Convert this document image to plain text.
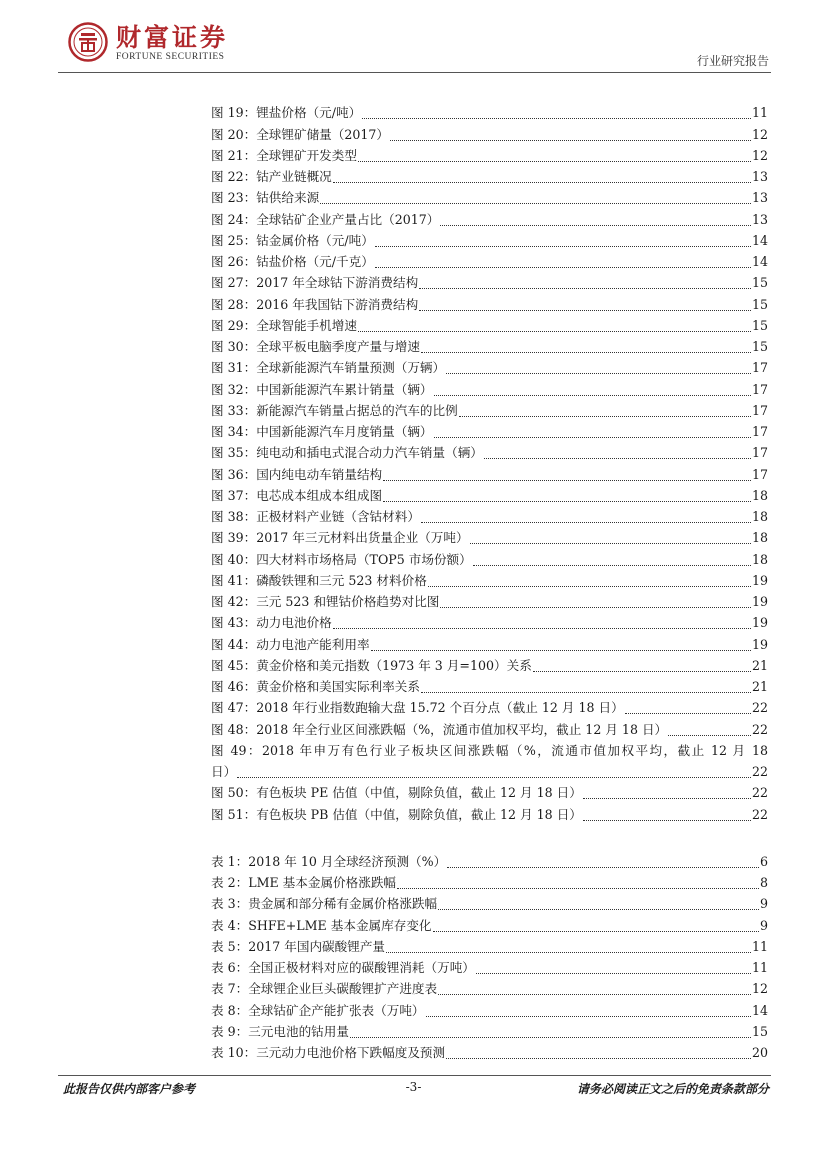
财富证券
FORTUNE SECURITIES	行业研究报告
图 19：锂盐价格（元/吨）	11
图 20：全球锂矿储量（2017）	12
图 21：全球锂矿开发类型	12
图 22：钴产业链概况	13
图 23：钴供给来源	13
图 24：全球钴矿企业产量占比（2017）	13
图 25：钴金属价格（元/吨）	14
图 26：钴盐价格（元/千克）	14
图 27：2017 年全球钴下游消费结构	15
图 28：2016 年我国钴下游消费结构	15
图 29：全球智能手机增速	15
图 30：全球平板电脑季度产量与增速	15
图 31：全球新能源汽车销量预测（万辆）	17
图 32：中国新能源汽车累计销量（辆）	17
图 33：新能源汽车销量占据总的汽车的比例	17
图 34：中国新能源汽车月度销量（辆）	17
图 35：纯电动和插电式混合动力汽车销量（辆）	17
图 36：国内纯电动车销量结构	17
图 37：电芯成本组成本组成图	18
图 38：正极材料产业链（含钴材料）	18
图 39：2017 年三元材料出货量企业（万吨）	18
图 40：四大材料市场格局（TOP5 市场份额）	18
图 41：磷酸铁锂和三元 523 材料价格	19
图 42：三元 523 和锂钴价格趋势对比图	19
图 43：动力电池价格	19
图 44：动力电池产能利用率	19
图 45：黄金价格和美元指数（1973 年 3 月=100）关系	21
图 46：黄金价格和美国实际利率关系	21
图 47：2018 年行业指数跑输大盘 15.72 个百分点（截止 12 月 18 日）	22
图 48：2018 年全行业区间涨跌幅（%，流通市值加权平均，截止 12 月 18 日）	22
图 49：2018 年申万有色行业子板块区间涨跌幅（%，流通市值加权平均，截止 12 月 18
日）	22
图 50：有色板块 PE 估值（中值，剔除负值，截止 12 月 18 日）	22
图 51：有色板块 PB 估值（中值，剔除负值，截止 12 月 18 日）	22
表 1：2018 年 10 月全球经济预测（%）	6
表 2：LME 基本金属价格涨跌幅	8
表 3：贵金属和部分稀有金属价格涨跌幅	9
表 4：SHFE+LME 基本金属库存变化	9
表 5：2017 年国内碳酸锂产量	11
表 6：全国正极材料对应的碳酸锂消耗（万吨）	11
表 7：全球锂企业巨头碳酸锂扩产进度表	12
表 8：全球钴矿企产能扩张表（万吨）	14
表 9：三元电池的钴用量	15
表 10：三元动力电池价格下跌幅度及预测	20
此报告仅供内部客户参考	-3-	请务必阅读正文之后的免责条款部分
